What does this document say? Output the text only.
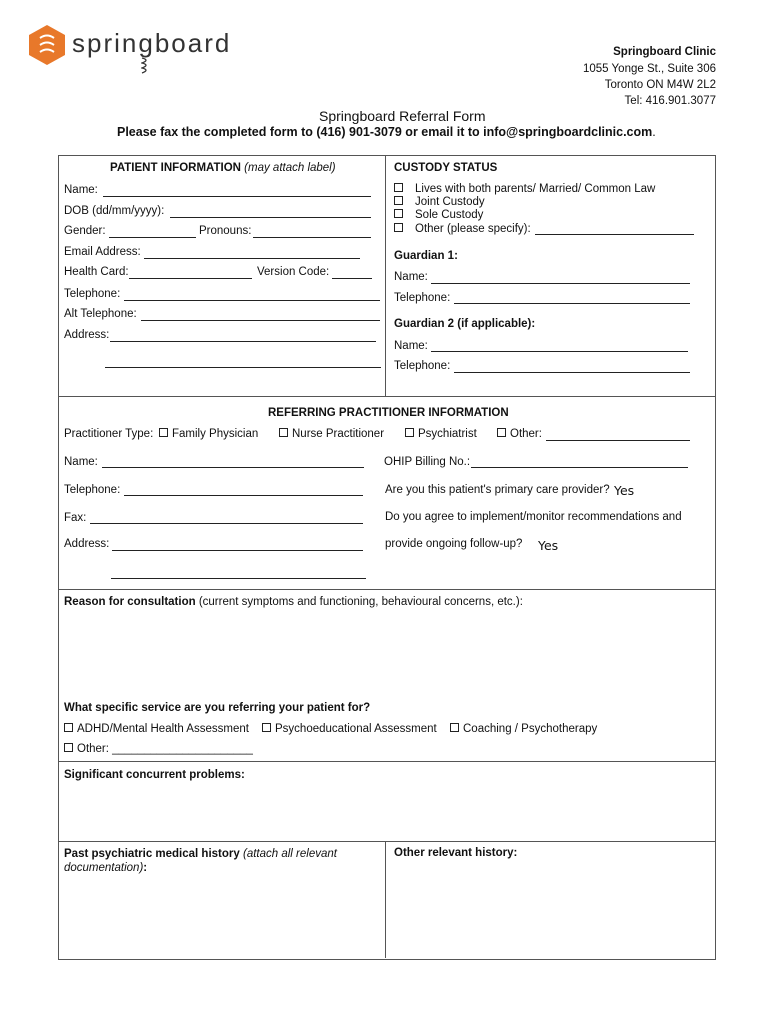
springboard	Springboard Clinic
1055 Yonge St., Suite 306
Toronto ON M4W 2L2
Tel: 416.901.3077
Springboard Referral Form
Please fax the completed form to (416) 901-3079 or email it to info@springboardclinic.com.
PATIENT INFORMATION (may attach label)
Name:
DOB (dd/mm/yyyy):
Gender:	Pronouns:
Email Address:
Health Card:	Version Code:
Telephone:
Alt Telephone:
Address:
CUSTODY STATUS
Lives with both parents/ Married/ Common Law
Joint Custody
Sole Custody
Other (please specify):
Guardian 1:
Name:
Telephone:
Guardian 2 (if applicable):
Name:
Telephone:
REFERRING PRACTITIONER INFORMATION
Practitioner Type:	Family Physician	Nurse Practitioner	Psychiatrist	Other:
Name:	OHIP Billing No.:
Telephone:	Are you this patient's primary care provider? Yes
Fax:	Do you agree to implement/monitor recommendations and
Address:	provide ongoing follow-up? Yes
Reason for consultation (current symptoms and functioning, behavioural concerns, etc.):
What specific service are you referring your patient for?
ADHD/Mental Health Assessment	Psychoeducational Assessment	Coaching / Psychotherapy
Other: ______________________
Significant concurrent problems:
Past psychiatric medical history (attach all relevant
documentation):
Other relevant history:
